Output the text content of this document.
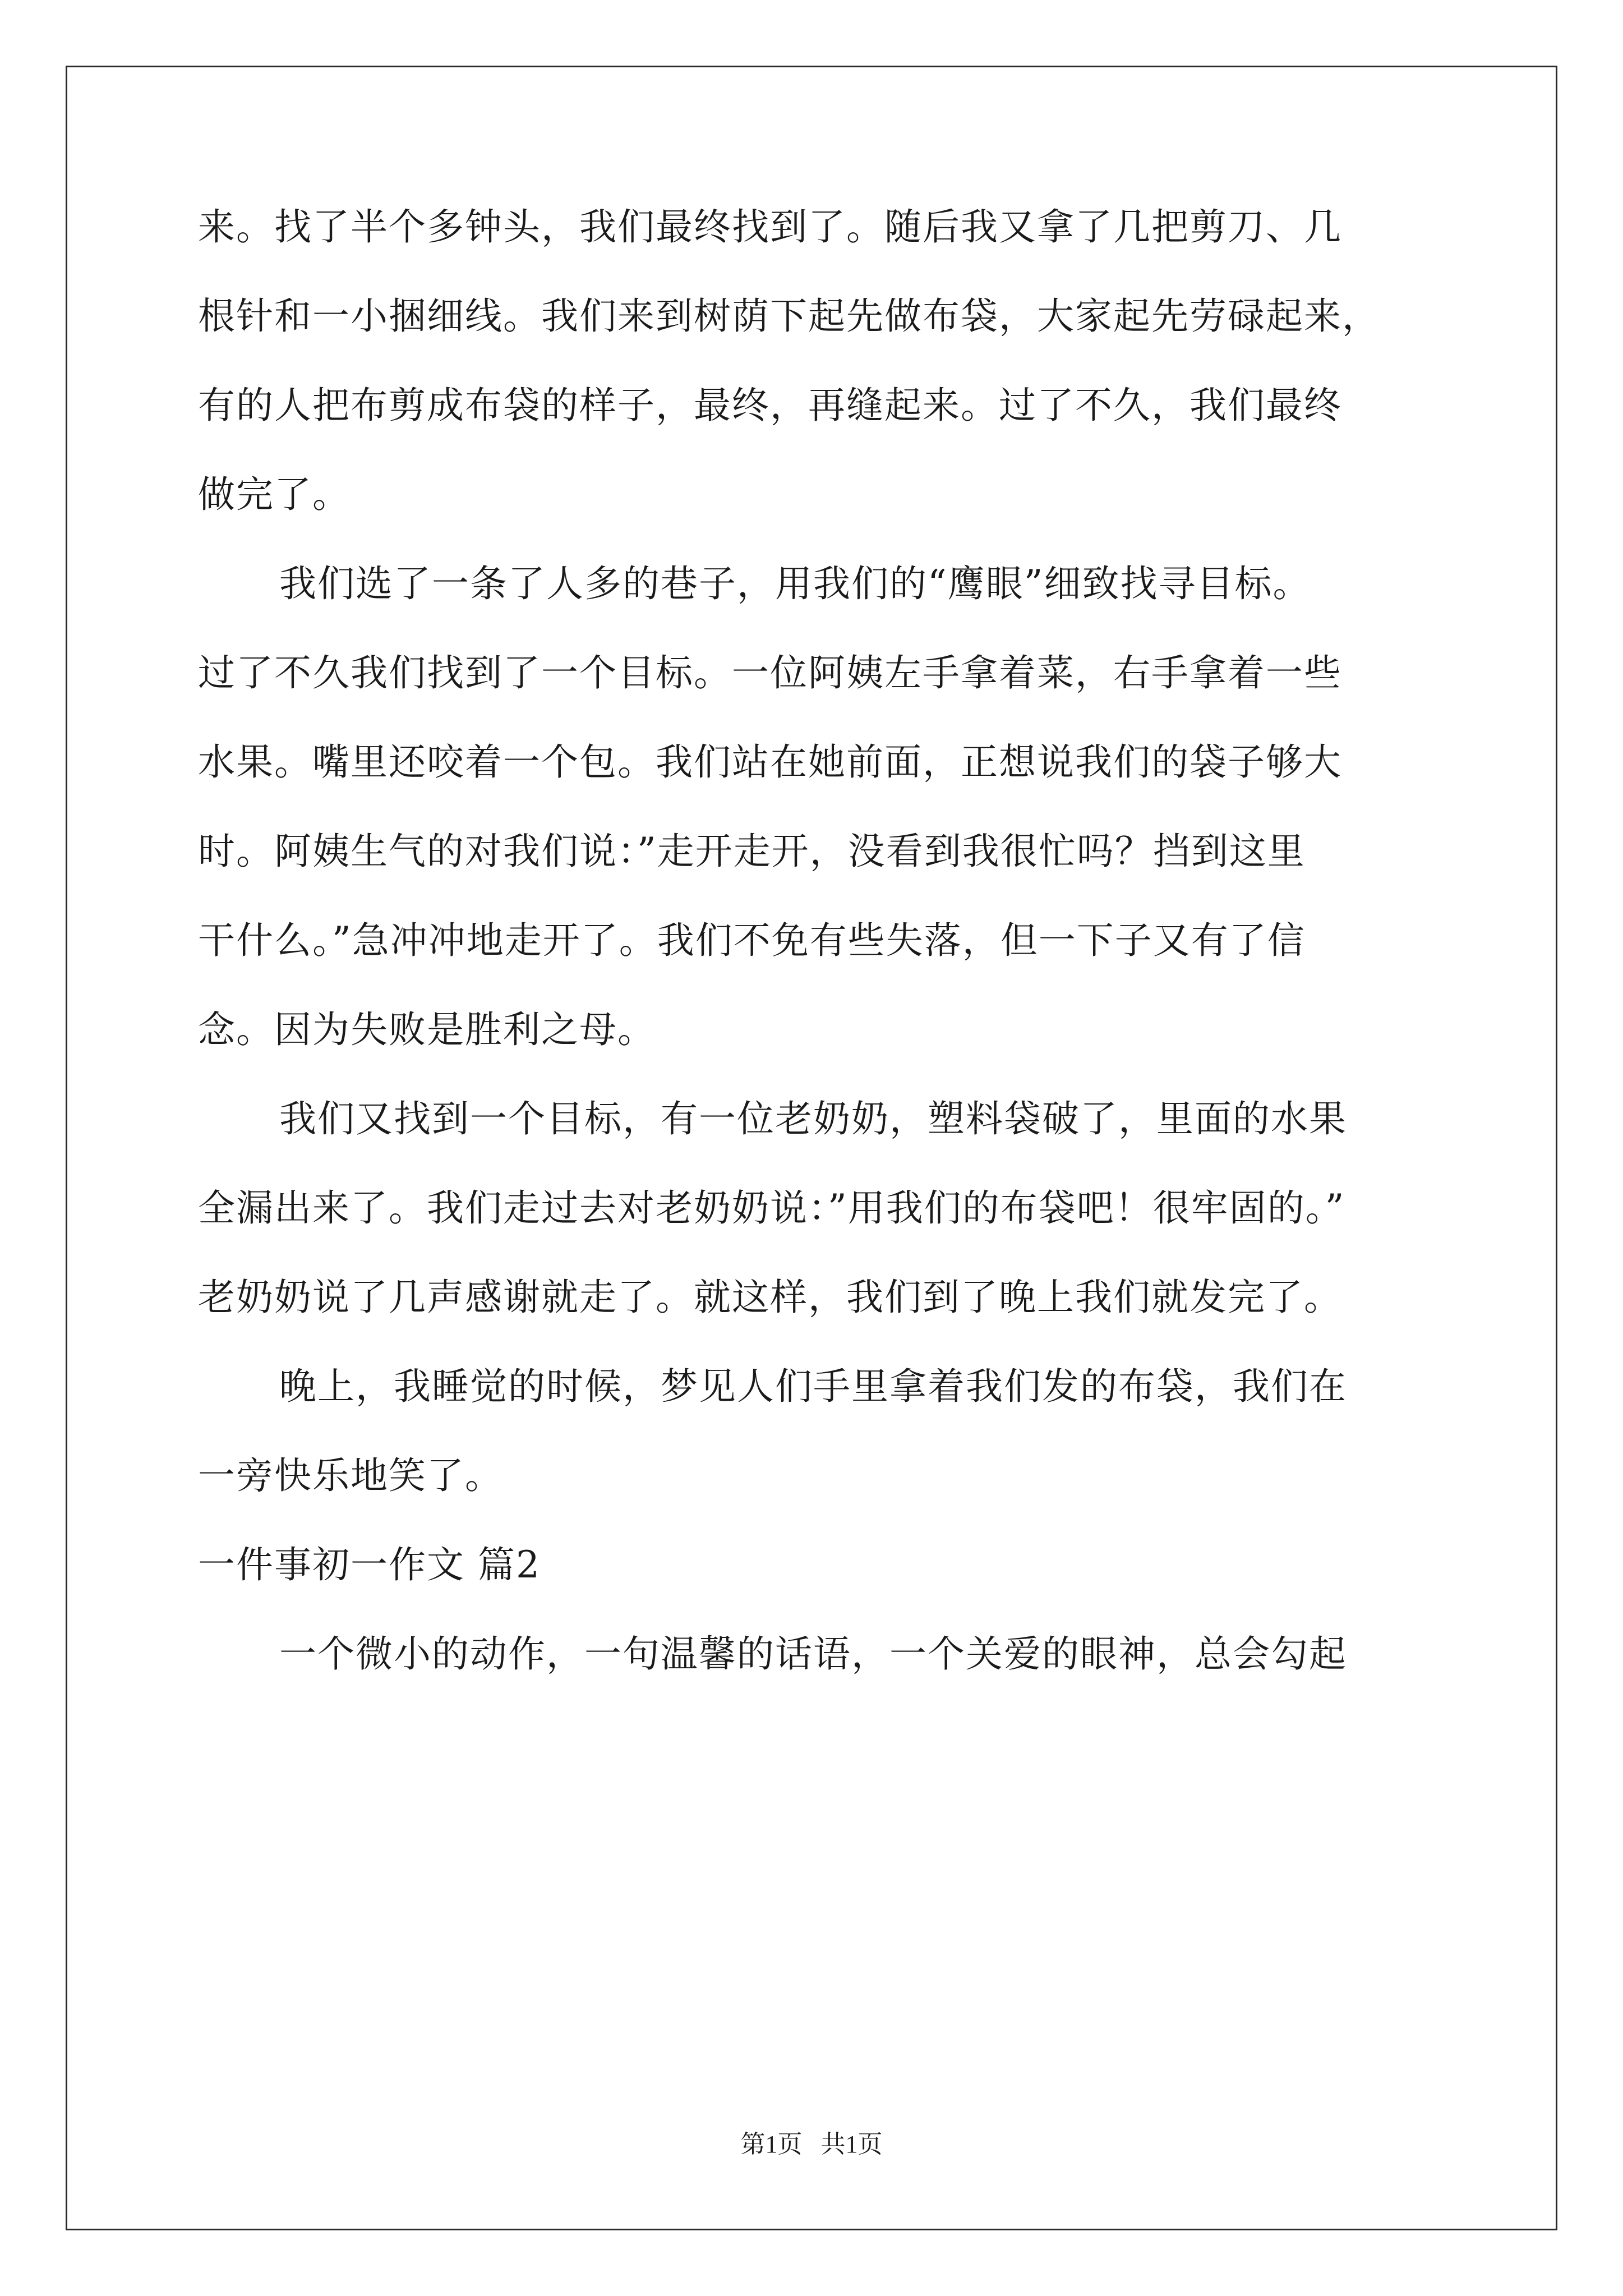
来。找了半个多钟头，我们最终找到了。随后我又拿了几把剪刀、几
根针和一小捆细线。我们来到树荫下起先做布袋，大家起先劳碌起来，
有的人把布剪成布袋的样子，最终，再缝起来。过了不久，我们最终
做完了。
我们选了一条了人多的巷子，用我们的“鹰眼”细致找寻目标。
过了不久我们找到了一个目标。一位阿姨左手拿着菜，右手拿着一些
水果。嘴里还咬着一个包。我们站在她前面，正想说我们的袋子够大
时。阿姨生气的对我们说：”走开走开，没看到我很忙吗？挡到这里
干什么。”急冲冲地走开了。我们不免有些失落，但一下子又有了信
念。因为失败是胜利之母。
我们又找到一个目标，有一位老奶奶，塑料袋破了，里面的水果
全漏出来了。我们走过去对老奶奶说：”用我们的布袋吧！很牢固的。”
老奶奶说了几声感谢就走了。就这样，我们到了晚上我们就发完了。
晚上，我睡觉的时候，梦见人们手里拿着我们发的布袋，我们在
一旁快乐地笑了。
一件事初一作文 篇2
一个微小的动作，一句温馨的话语，一个关爱的眼神，总会勾起
第1页   共1页
